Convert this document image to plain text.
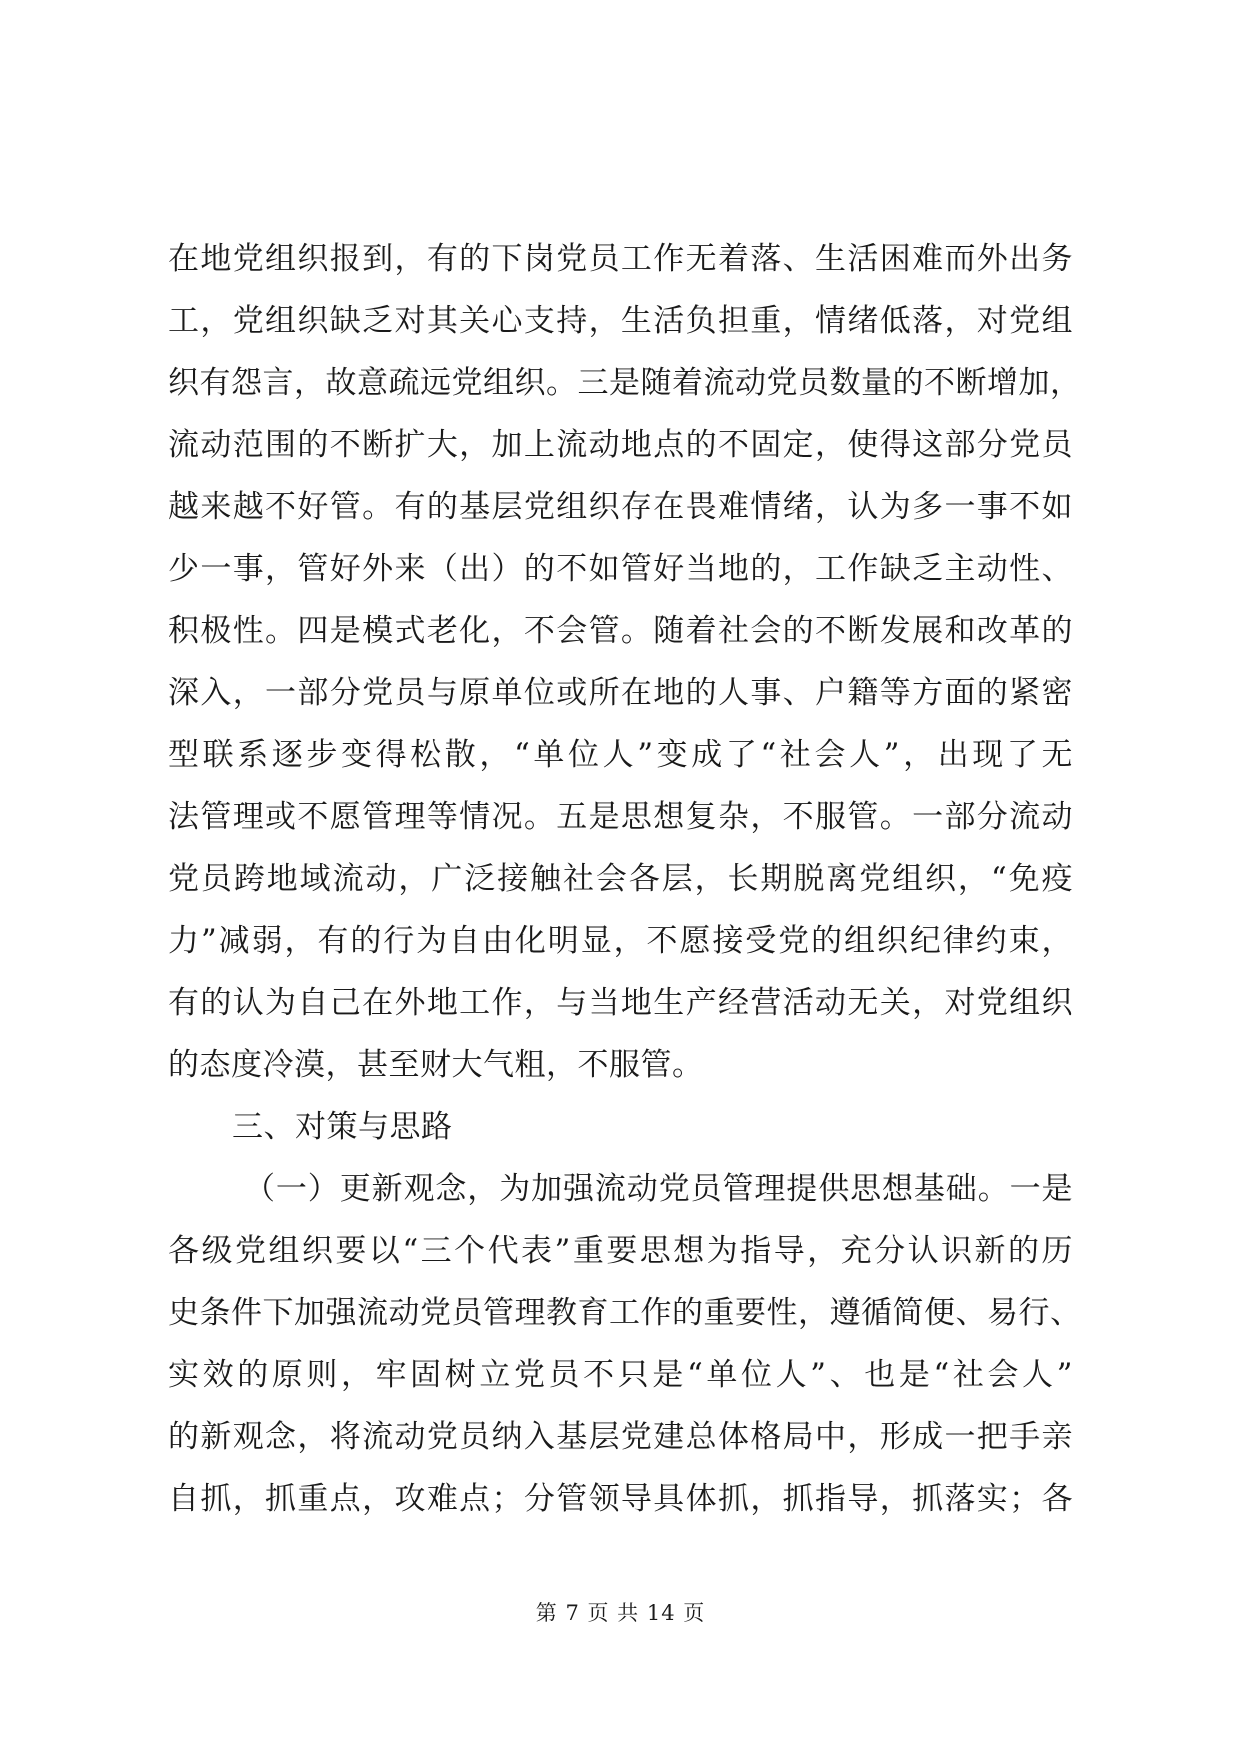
在地党组织报到，有的下岗党员工作无着落、生活困难而外出务
工，党组织缺乏对其关心支持，生活负担重，情绪低落，对党组
织有怨言，故意疏远党组织。三是随着流动党员数量的不断增加，
流动范围的不断扩大，加上流动地点的不固定，使得这部分党员
越来越不好管。有的基层党组织存在畏难情绪，认为多一事不如
少一事，管好外来（出）的不如管好当地的，工作缺乏主动性、
积极性。四是模式老化，不会管。随着社会的不断发展和改革的
深入，一部分党员与原单位或所在地的人事、户籍等方面的紧密
型联系逐步变得松散，“单位人”变成了“社会人”，出现了无
法管理或不愿管理等情况。五是思想复杂，不服管。一部分流动
党员跨地域流动，广泛接触社会各层，长期脱离党组织，“免疫
力”减弱，有的行为自由化明显，不愿接受党的组织纪律约束，
有的认为自己在外地工作，与当地生产经营活动无关，对党组织
的态度冷漠，甚至财大气粗，不服管。
三、对策与思路
（一）更新观念，为加强流动党员管理提供思想基础。一是
各级党组织要以“三个代表”重要思想为指导，充分认识新的历
史条件下加强流动党员管理教育工作的重要性，遵循简便、易行、
实效的原则，牢固树立党员不只是“单位人”、也是“社会人”
的新观念，将流动党员纳入基层党建总体格局中，形成一把手亲
自抓，抓重点，攻难点；分管领导具体抓，抓指导，抓落实；各
第 7 页 共 14 页
